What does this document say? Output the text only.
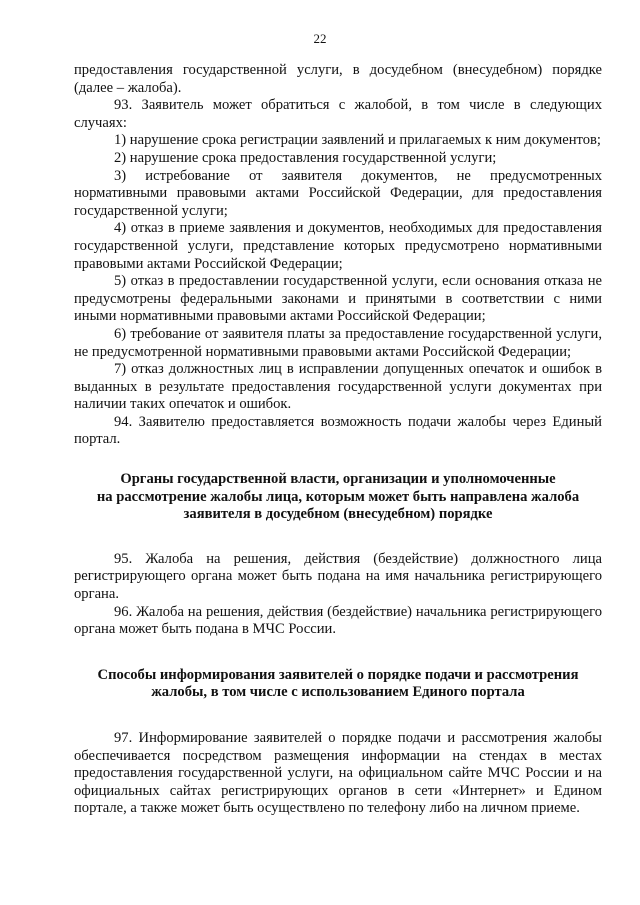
22

предоставления государственной услуги, в досудебном (внесудебном) порядке (далее – жалоба).

93. Заявитель может обратиться с жалобой, в том числе в следующих случаях:

1) нарушение срока регистрации заявлений и прилагаемых к ним документов;

2) нарушение срока предоставления государственной услуги;

3) истребование от заявителя документов, не предусмотренных нормативными правовыми актами Российской Федерации, для предоставления государственной услуги;

4) отказ в приеме заявления и документов, необходимых для предоставления государственной услуги, представление которых предусмотрено нормативными правовыми актами Российской Федерации;

5) отказ в предоставлении государственной услуги, если основания отказа не предусмотрены федеральными законами и принятыми в соответствии с ними иными нормативными правовыми актами Российской Федерации;

6) требование от заявителя платы за предоставление государственной услуги, не предусмотренной нормативными правовыми актами Российской Федерации;

7) отказ должностных лиц в исправлении допущенных опечаток и ошибок в выданных в результате предоставления государственной услуги документах при наличии таких опечаток и ошибок.

94. Заявителю предоставляется возможность подачи жалобы через Единый портал.

Органы государственной власти, организации и уполномоченные

на рассмотрение жалобы лица, которым может быть направлена жалоба

заявителя в досудебном (внесудебном) порядке

95. Жалоба на решения, действия (бездействие) должностного лица регистрирующего органа может быть подана на имя начальника регистрирующего органа.

96. Жалоба на решения, действия (бездействие) начальника регистрирующего органа может быть подана в МЧС России.

Способы информирования заявителей о порядке подачи и рассмотрения

жалобы, в том числе с использованием Единого портала

97. Информирование заявителей о порядке подачи и рассмотрения жалобы обеспечивается посредством размещения информации на стендах в местах предоставления государственной услуги, на официальном сайте МЧС России и на официальных сайтах регистрирующих органов в сети «Интернет» и Едином портале, а также может быть осуществлено по телефону либо на личном приеме.
